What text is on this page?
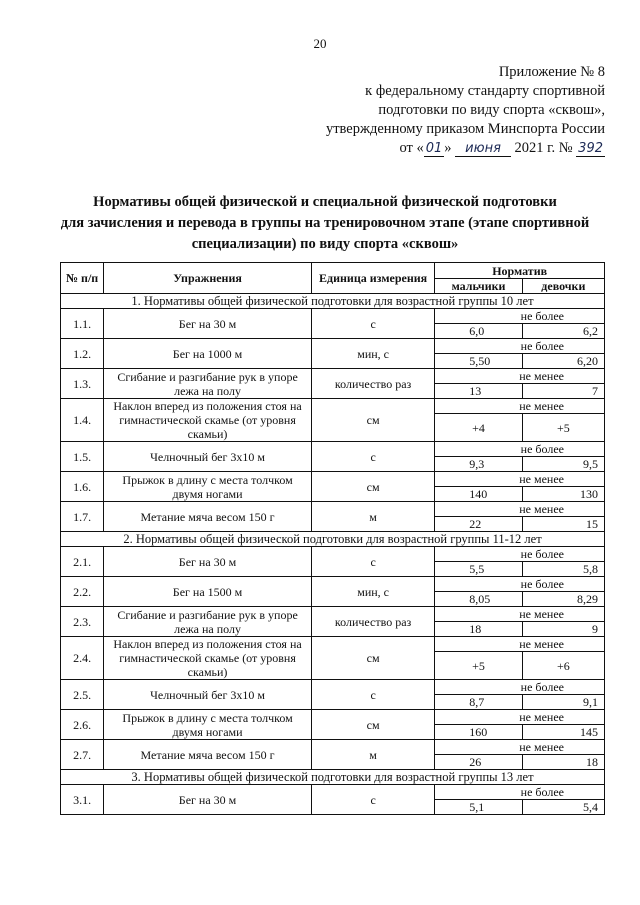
20
Приложение № 8
к федеральному стандарту спортивной
подготовки по виду спорта «сквош»,
утвержденному приказом Минспорта России
от « 01 » июня 2021 г. № 392
Нормативы общей физической и специальной физической подготовки
для зачисления и перевода в группы на тренировочном этапе (этапе спортивной
специализации) по виду спорта «сквош»
№ п/п	Упражнения	Единица измерения	Норматив	
			мальчики	девочки
1. Нормативы общей физической подготовки для возрастной группы 10 лет				
1.1.	Бег на 30 м	с	не более	
			6,0	6,2
1.2.	Бег на 1000 м	мин, с	не более	
			5,50	6,20
1.3.	Сгибание и разгибание рук в упоре лежа на полу	количество раз	не менее	
			13	7
1.4.	Наклон вперед из положения стоя на гимнастической скамье (от уровня скамьи)	см	не менее	
			+4	+5
1.5.	Челночный бег 3х10 м	с	не более	
			9,3	9,5
1.6.	Прыжок в длину с места толчком двумя ногами	см	не менее	
			140	130
1.7.	Метание мяча весом 150 г	м	не менее	
			22	15
2. Нормативы общей физической подготовки для возрастной группы 11-12 лет				
2.1.	Бег на 30 м	с	не более	
			5,5	5,8
2.2.	Бег на 1500 м	мин, с	не более	
			8,05	8,29
2.3.	Сгибание и разгибание рук в упоре лежа на полу	количество раз	не менее	
			18	9
2.4.	Наклон вперед из положения стоя на гимнастической скамье (от уровня скамьи)	см	не менее	
			+5	+6
2.5.	Челночный бег 3х10 м	с	не более	
			8,7	9,1
2.6.	Прыжок в длину с места толчком двумя ногами	см	не менее	
			160	145
2.7.	Метание мяча весом 150 г	м	не менее	
			26	18
3. Нормативы общей физической подготовки для возрастной группы 13 лет				
3.1.	Бег на 30 м	с	не более	
			5,1	5,4
